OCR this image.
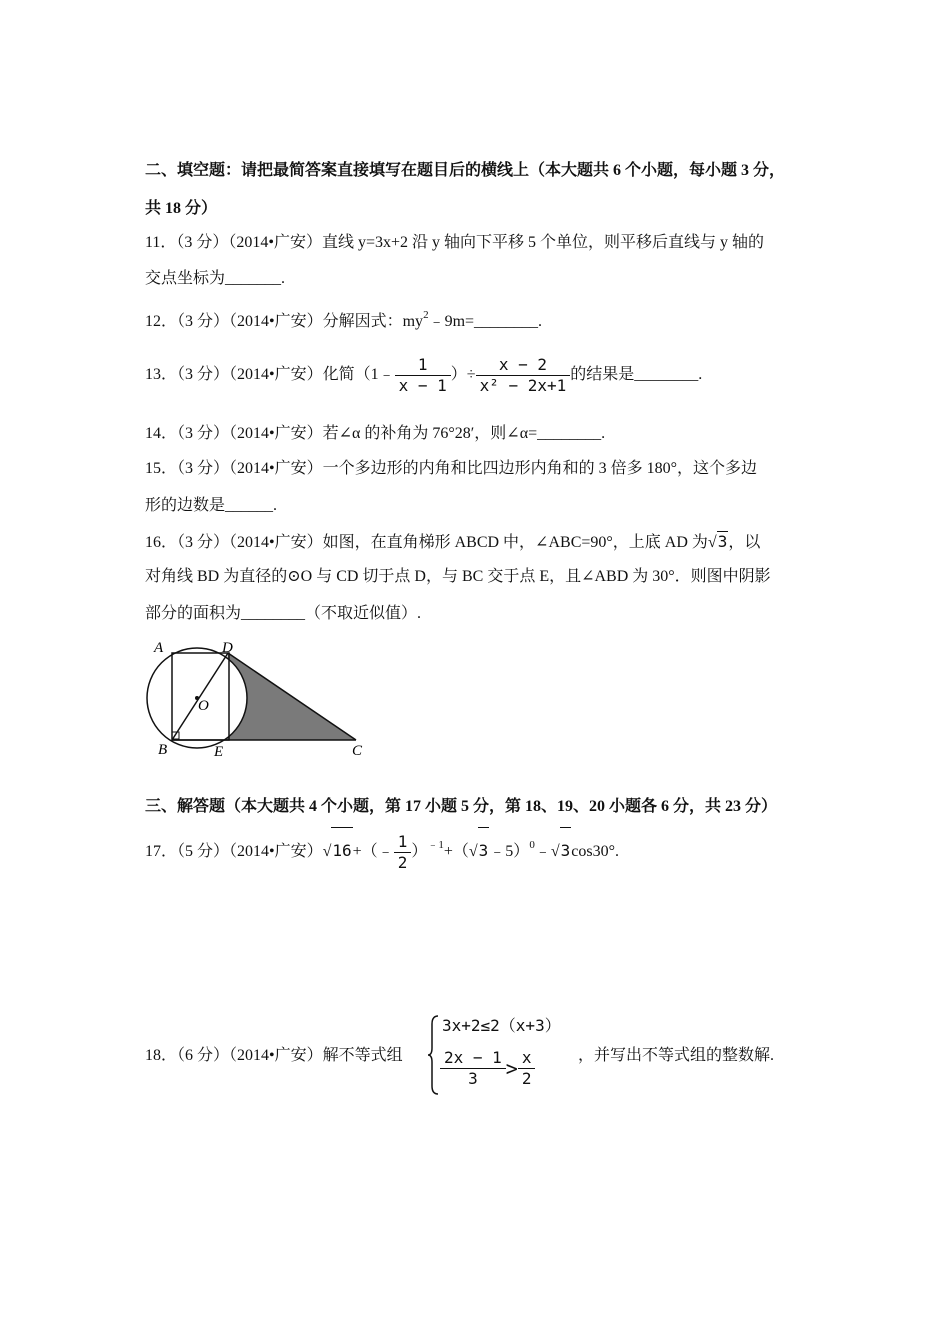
二、填空题：请把最简答案直接填写在题目后的横线上（本大题共 6 个小题，每小题 3 分，
共 18 分）
11．（3 分）（2014•广安）直线 y=3x+2 沿 y 轴向下平移 5 个单位，则平移后直线与 y 轴的
交点坐标为_______.
12．（3 分）（2014•广安）分解因式：$my^2﹣9m=\_\_\_\_\_\_\_\_$.
13．（3 分）（2014•广安）化简（1﹣ $\frac{1}{x - 1}$ ）÷ $\frac{x - 2}{\text{x² − 2x+1}}$ 的结果是________.
14．（3 分）（2014•广安）若∠α 的补角为 76°28′，则∠α=________.
15．（3 分）（2014•广安）一个多边形的内角和比四边形内角和的 3 倍多 180°，这个多边
形的边数是______.
16．（3 分）（2014•广安）如图，在直角梯形 ABCD 中，∠ABC=90°，上底 AD 为√3，以
对角线 BD 为直径的⊙O 与 CD 切于点 D，与 BC 交于点 E，且∠ABD 为 30°．则图中阴影
部分的面积为________（不取近似值）.
A	D
O
B	E	C
三、解答题（本大题共 4 个小题，第 17 小题 5 分，第 18、19、20 小题各 6 分，共 23 分）
17．（5 分）（2014•广安）√16+（﹣ $\frac{1}{2}$ ）$^{﹣1}$+（√3﹣5）$^0$﹣√3cos30°.
18．（6 分）（2014•广安）解不等式组
3x+2≤2（x+3）
$\frac{2x - 1}{3} > \frac{x}{2}$	，并写出不等式组的整数解.
